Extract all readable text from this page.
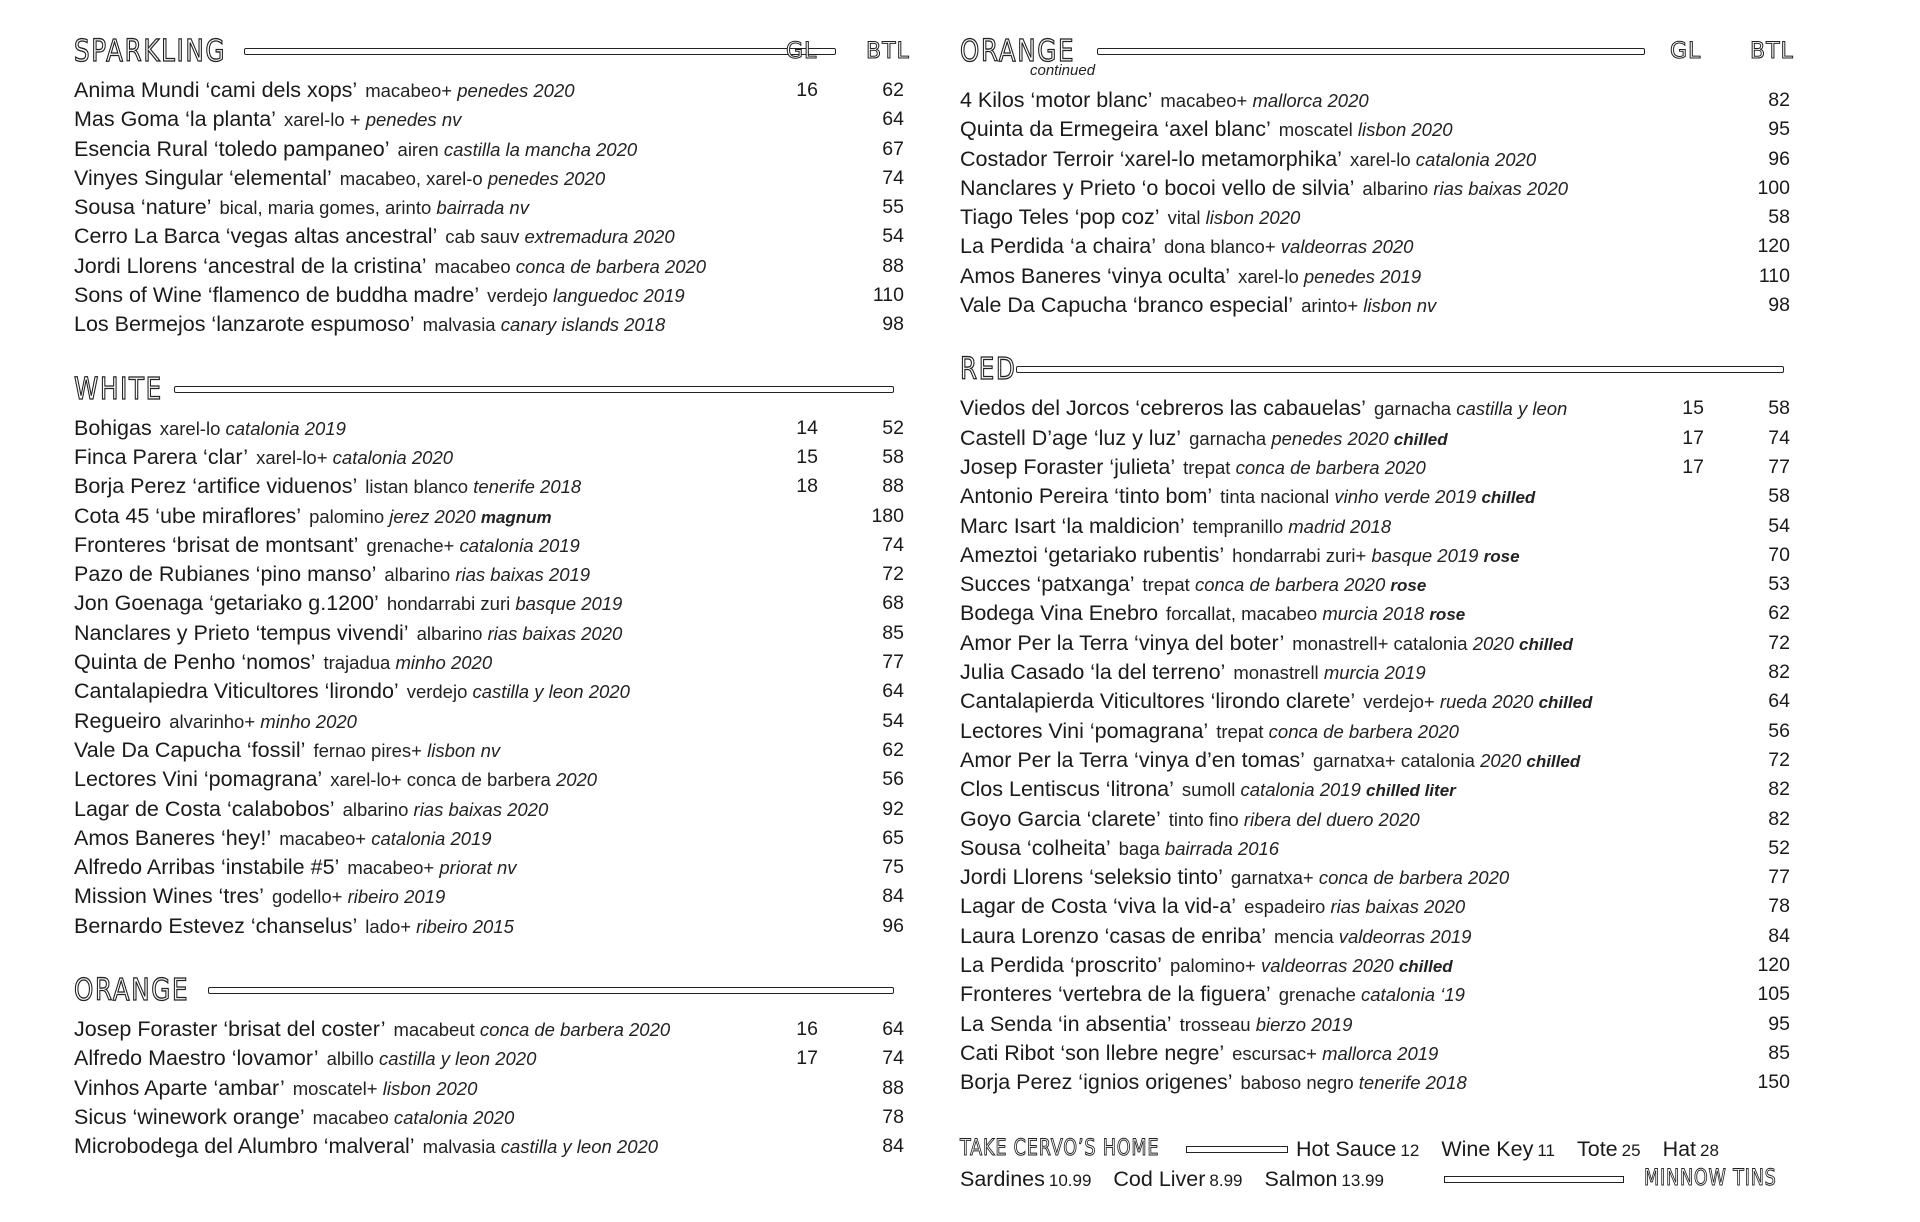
SPARKLING	GL BTL
Anima Mundi ‘cami dels xops’ macabeo+ penedes 2020	16	62
Mas Goma ‘la planta’ xarel-lo + penedes nv	64
Esencia Rural ‘toledo pampaneo’ airen castilla la mancha 2020	67
Vinyes Singular ‘elemental’ macabeo, xarel-o penedes 2020	74
Sousa ‘nature’ bical, maria gomes, arinto bairrada nv	55
Cerro La Barca ‘vegas altas ancestral’ cab sauv extremadura 2020	54
Jordi Llorens ‘ancestral de la cristina’ macabeo conca de barbera 2020	88
Sons of Wine ‘flamenco de buddha madre’ verdejo languedoc 2019	110
Los Bermejos ‘lanzarote espumoso’ malvasia canary islands 2018	98
WHITE
Bohigas xarel-lo catalonia 2019	14	52
Finca Parera ‘clar’ xarel-lo+ catalonia 2020	15	58
Borja Perez ‘artifice viduenos’ listan blanco tenerife 2018	18	88
Cota 45 ‘ube miraflores’ palomino jerez 2020 magnum	180
Fronteres ‘brisat de montsant’ grenache+ catalonia 2019	74
Pazo de Rubianes ‘pino manso’ albarino rias baixas 2019	72
Jon Goenaga ‘getariako g.1200’ hondarrabi zuri basque 2019	68
Nanclares y Prieto ‘tempus vivendi’ albarino rias baixas 2020	85
Quinta de Penho ‘nomos’ trajadua minho 2020	77
Cantalapiedra Viticultores ‘lirondo’ verdejo castilla y leon 2020	64
Regueiro alvarinho+ minho 2020	54
Vale Da Capucha ‘fossil’ fernao pires+ lisbon nv	62
Lectores Vini ‘pomagrana’ xarel-lo+ conca de barbera 2020	56
Lagar de Costa ‘calabobos’ albarino rias baixas 2020	92
Amos Baneres ‘hey!’ macabeo+ catalonia 2019	65
Alfredo Arribas ‘instabile #5’ macabeo+ priorat nv	75
Mission Wines ‘tres’ godello+ ribeiro 2019	84
Bernardo Estevez ‘chanselus’ lado+ ribeiro 2015	96
ORANGE
Josep Foraster ‘brisat del coster’ macabeut conca de barbera 2020	16	64
Alfredo Maestro ‘lovamor’ albillo castilla y leon 2020	17	74
Vinhos Aparte ‘ambar’ moscatel+ lisbon 2020	88
Sicus ‘winework orange’ macabeo catalonia 2020	78
Microbodega del Alumbro ‘malveral’ malvasia castilla y leon 2020	84
ORANGE
continued
GL BTL
4 Kilos ‘motor blanc’ macabeo+ mallorca 2020	82
Quinta da Ermegeira ‘axel blanc’ moscatel lisbon 2020	95
Costador Terroir ‘xarel-lo metamorphika’ xarel-lo catalonia 2020	96
Nanclares y Prieto ‘o bocoi vello de silvia’ albarino rias baixas 2020	100
Tiago Teles ‘pop coz’ vital lisbon 2020	58
La Perdida ‘a chaira’ dona blanco+ valdeorras 2020	120
Amos Baneres ‘vinya oculta’ xarel-lo penedes 2019	110
Vale Da Capucha ‘branco especial’ arinto+ lisbon nv	98
RED
Viedos del Jorcos ‘cebreros las cabauelas’ garnacha castilla y leon	15	58
Castell D’age ‘luz y luz’ garnacha penedes 2020 chilled	17	74
Josep Foraster ‘julieta’ trepat conca de barbera 2020	17	77
Antonio Pereira ‘tinto bom’ tinta nacional vinho verde 2019 chilled	58
Marc Isart ‘la maldicion’ tempranillo madrid 2018	54
Ameztoi ‘getariako rubentis’ hondarrabi zuri+ basque 2019 rose	70
Succes ‘patxanga’ trepat conca de barbera 2020 rose	53
Bodega Vina Enebro forcallat, macabeo murcia 2018 rose	62
Amor Per la Terra ‘vinya del boter’ monastrell+ catalonia 2020 chilled	72
Julia Casado ‘la del terreno’ monastrell murcia 2019	82
Cantalapierda Viticultores ‘lirondo clarete’ verdejo+ rueda 2020 chilled	64
Lectores Vini ‘pomagrana’ trepat conca de barbera 2020	56
Amor Per la Terra ‘vinya d’en tomas’ garnatxa+ catalonia 2020 chilled	72
Clos Lentiscus ‘litrona’ sumoll catalonia 2019 chilled liter	82
Goyo Garcia ‘clarete’ tinto fino ribera del duero 2020	82
Sousa ‘colheita’ baga bairrada 2016	52
Jordi Llorens ‘seleksio tinto’ garnatxa+ conca de barbera 2020	77
Lagar de Costa ‘viva la vid-a’ espadeiro rias baixas 2020	78
Laura Lorenzo ‘casas de enriba’ mencia valdeorras 2019	84
La Perdida ‘proscrito’ palomino+ valdeorras 2020 chilled	120
Fronteres ‘vertebra de la figuera’ grenache catalonia ‘19	105
La Senda ‘in absentia’ trosseau bierzo 2019	95
Cati Ribot ‘son llebre negre’ escursac+ mallorca 2019	85
Borja Perez ‘ignios origenes’ baboso negro tenerife 2018	150
TAKE CERVO’S HOME	Hot Sauce 12 Wine Key 11 Tote 25 Hat 28
Sardines 10.99 Cod Liver 8.99 Salmon 13.99	MINNOW TINS
